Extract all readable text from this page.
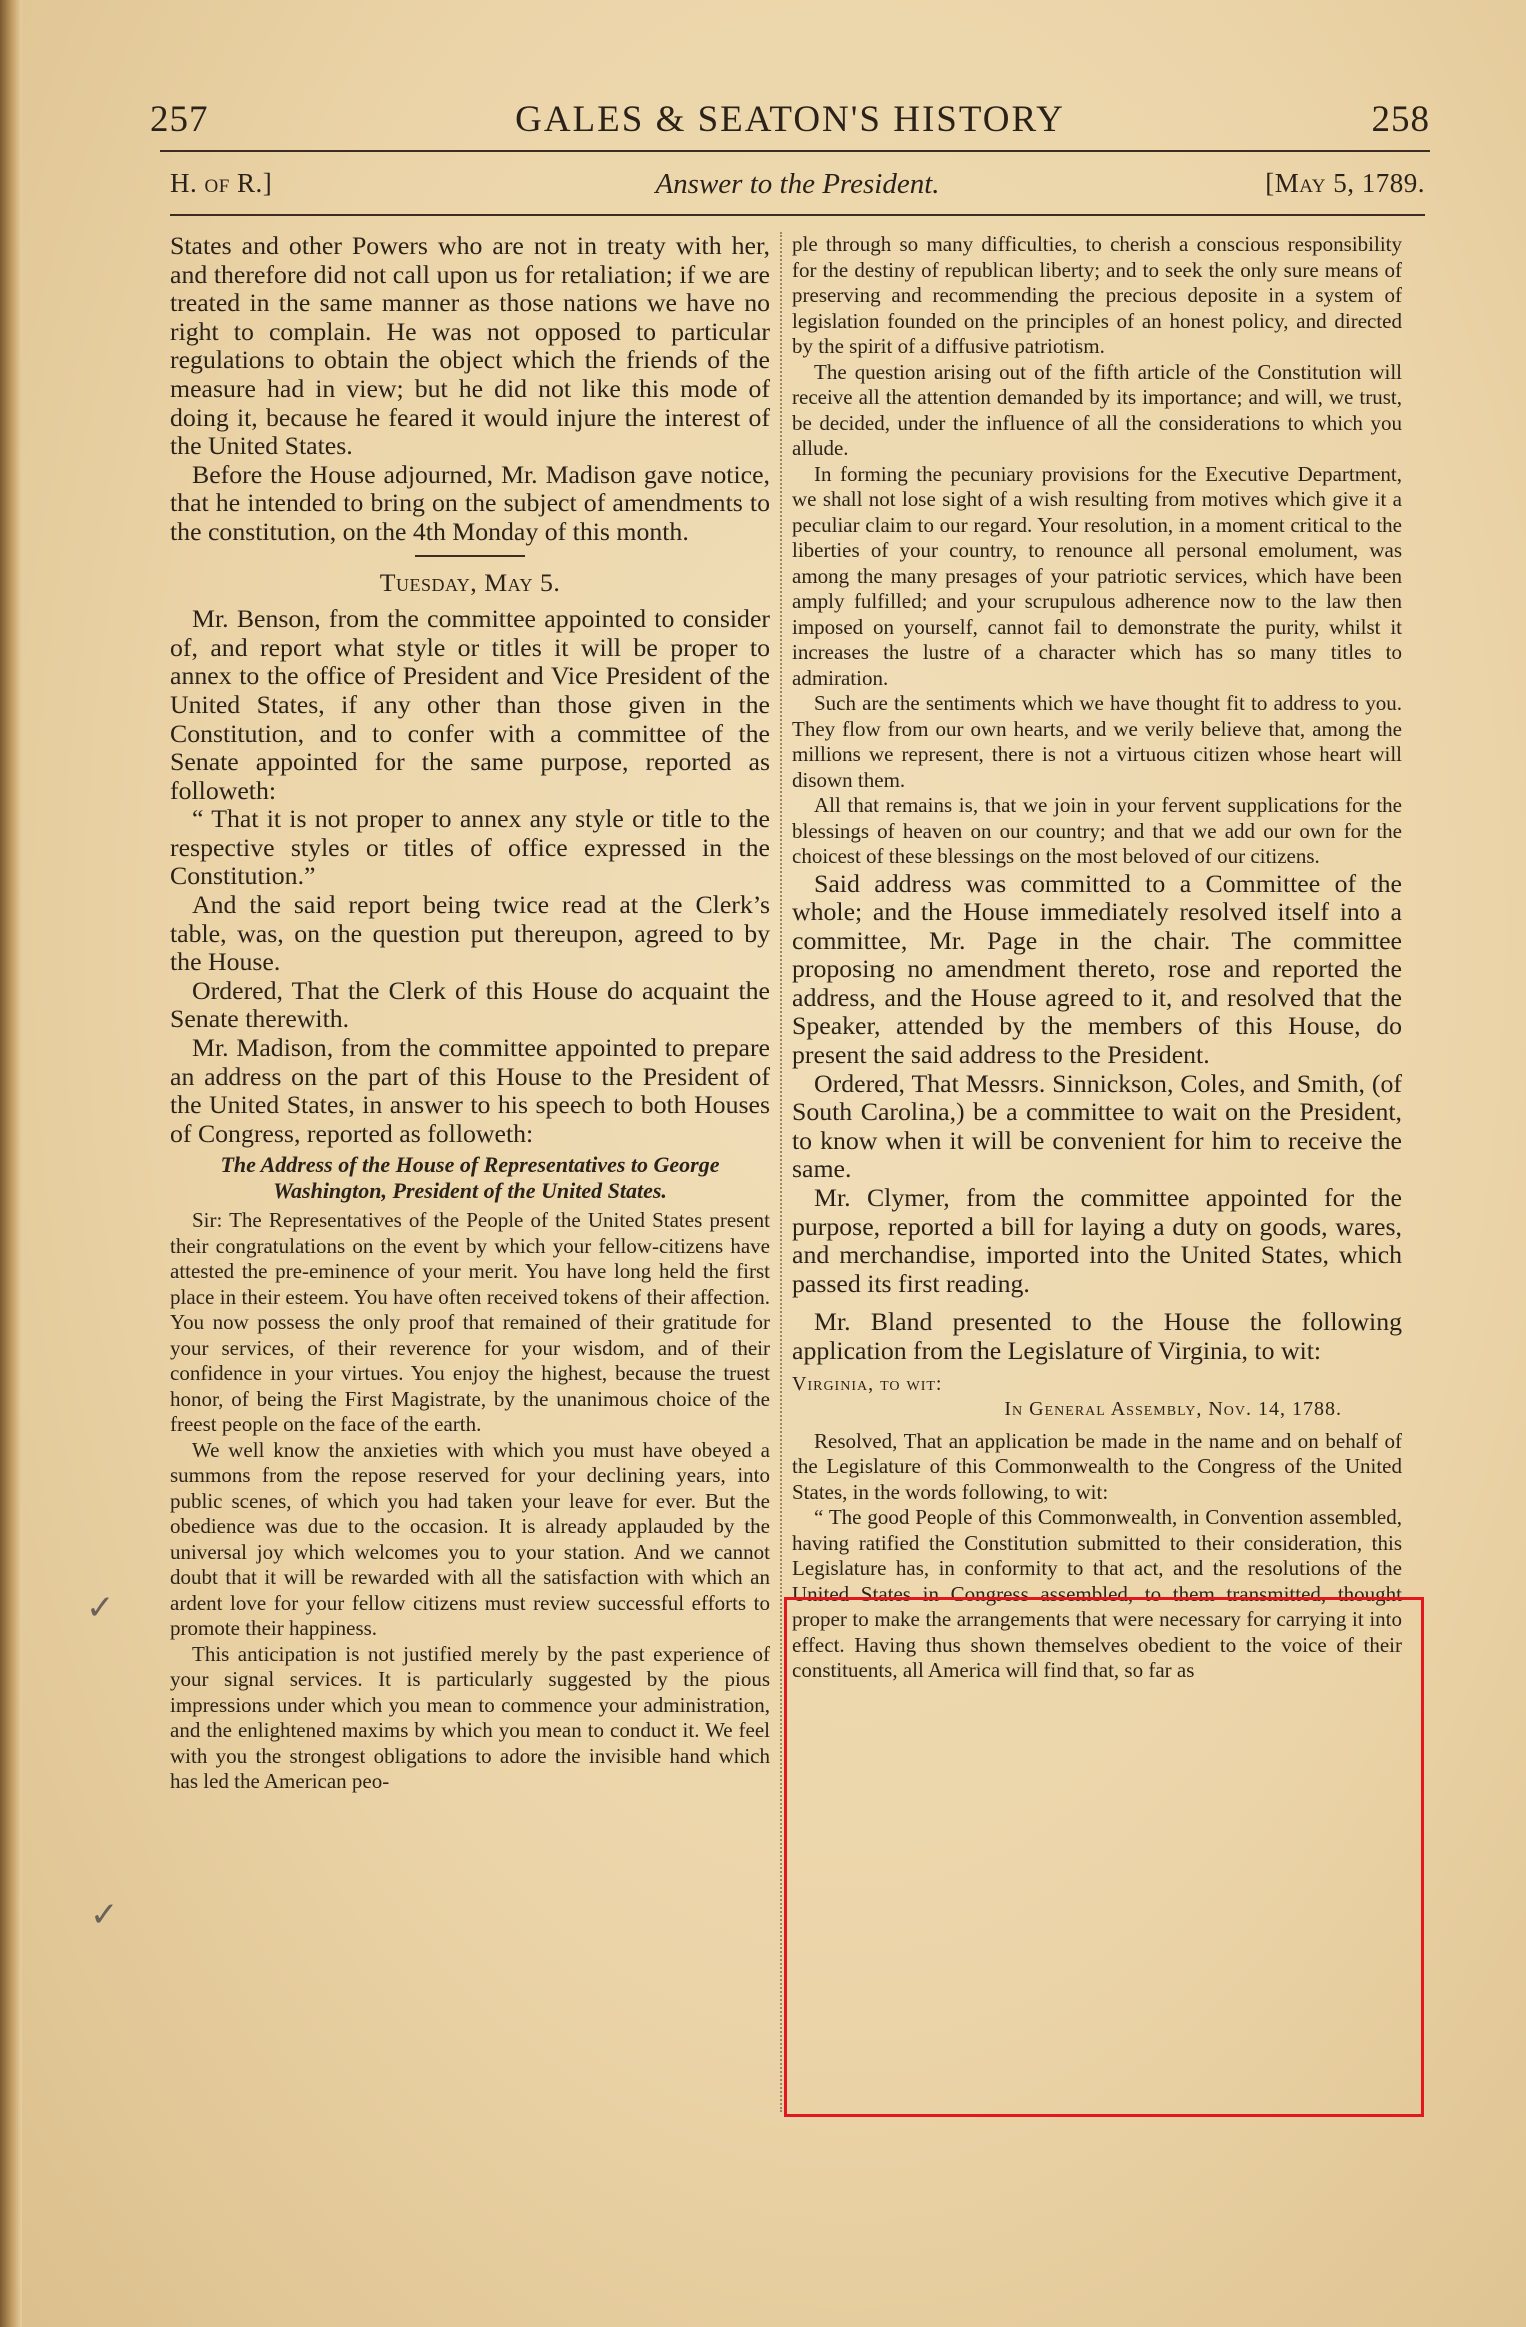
257	GALES & SEATON'S HISTORY	258
H. of R.]	Answer to the President.	[May 5, 1789.

States and other Powers who are not in treaty with her, and therefore did not call upon us for retaliation; if we are treated in the same manner as those nations we have no right to complain. He was not opposed to particular regulations to obtain the object which the friends of the measure had in view; but he did not like this mode of doing it, because he feared it would injure the interest of the United States.

Before the House adjourned, Mr. Madison gave notice, that he intended to bring on the subject of amendments to the constitution, on the 4th Monday of this month.

Tuesday, May 5.

Mr. Benson, from the committee appointed to consider of, and report what style or titles it will be proper to annex to the office of President and Vice President of the United States, if any other than those given in the Constitution, and to confer with a committee of the Senate appointed for the same purpose, reported as followeth:

“ That it is not proper to annex any style or title to the respective styles or titles of office expressed in the Constitution.”

And the said report being twice read at the Clerk’s table, was, on the question put thereupon, agreed to by the House.

Ordered, That the Clerk of this House do acquaint the Senate therewith.

Mr. Madison, from the committee appointed to prepare an address on the part of this House to the President of the United States, in answer to his speech to both Houses of Congress, reported as followeth:

The Address of the House of Representatives to George Washington, President of the United States.

Sir: The Representatives of the People of the United States present their congratulations on the event by which your fellow-citizens have attested the pre-eminence of your merit. You have long held the first place in their esteem. You have often received tokens of their affection. You now possess the only proof that remained of their gratitude for your services, of their reverence for your wisdom, and of their confidence in your virtues. You enjoy the highest, because the truest honor, of being the First Magistrate, by the unanimous choice of the freest people on the face of the earth.

We well know the anxieties with which you must have obeyed a summons from the repose reserved for your declining years, into public scenes, of which you had taken your leave for ever. But the obedience was due to the occasion. It is already applauded by the universal joy which welcomes you to your station. And we cannot doubt that it will be rewarded with all the satisfaction with which an ardent love for your fellow citizens must review successful efforts to promote their happiness.

This anticipation is not justified merely by the past experience of your signal services. It is particularly suggested by the pious impressions under which you mean to commence your administration, and the enlightened maxims by which you mean to conduct it. We feel with you the strongest obligations to adore the invisible hand which has led the American peo-

ple through so many difficulties, to cherish a conscious responsibility for the destiny of republican liberty; and to seek the only sure means of preserving and recommending the precious deposite in a system of legislation founded on the principles of an honest policy, and directed by the spirit of a diffusive patriotism.

The question arising out of the fifth article of the Constitution will receive all the attention demanded by its importance; and will, we trust, be decided, under the influence of all the considerations to which you allude.

In forming the pecuniary provisions for the Executive Department, we shall not lose sight of a wish resulting from motives which give it a peculiar claim to our regard. Your resolution, in a moment critical to the liberties of your country, to renounce all personal emolument, was among the many presages of your patriotic services, which have been amply fulfilled; and your scrupulous adherence now to the law then imposed on yourself, cannot fail to demonstrate the purity, whilst it increases the lustre of a character which has so many titles to admiration.

Such are the sentiments which we have thought fit to address to you. They flow from our own hearts, and we verily believe that, among the millions we represent, there is not a virtuous citizen whose heart will disown them.

All that remains is, that we join in your fervent supplications for the blessings of heaven on our country; and that we add our own for the choicest of these blessings on the most beloved of our citizens.

Said address was committed to a Committee of the whole; and the House immediately resolved itself into a committee, Mr. Page in the chair. The committee proposing no amendment thereto, rose and reported the address, and the House agreed to it, and resolved that the Speaker, attended by the members of this House, do present the said address to the President.

Ordered, That Messrs. Sinnickson, Coles, and Smith, (of South Carolina,) be a committee to wait on the President, to know when it will be convenient for him to receive the same.

Mr. Clymer, from the committee appointed for the purpose, reported a bill for laying a duty on goods, wares, and merchandise, imported into the United States, which passed its first reading.

Mr. Bland presented to the House the following application from the Legislature of Virginia, to wit:

Virginia, to wit:

In General Assembly, Nov. 14, 1788.

Resolved, That an application be made in the name and on behalf of the Legislature of this Commonwealth to the Congress of the United States, in the words following, to wit:

“ The good People of this Commonwealth, in Convention assembled, having ratified the Constitution submitted to their consideration, this Legislature has, in conformity to that act, and the resolutions of the United States in Congress assembled, to them transmitted, thought proper to make the arrangements that were necessary for carrying it into effect. Having thus shown themselves obedient to the voice of their constituents, all America will find that, so far as

✓
✓
